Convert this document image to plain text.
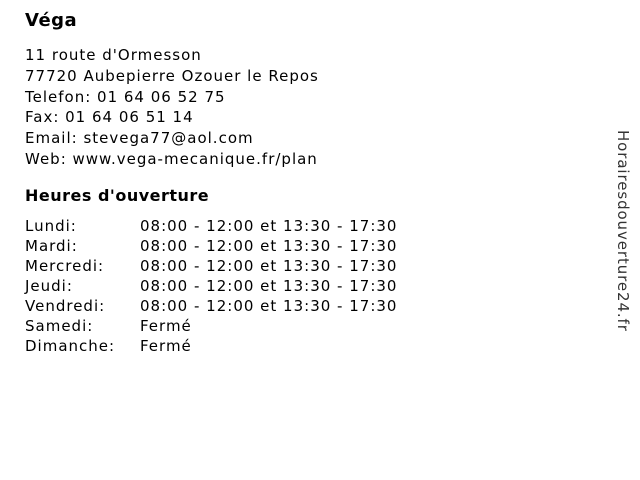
Véga
11 route d'Ormesson
77720 Aubepierre Ozouer le Repos
Telefon: 01 64 06 52 75
Fax: 01 64 06 51 14
Email: stevega77@aol.com
Web: www.vega-mecanique.fr/plan
Heures d'ouverture
Lundi:	08:00 - 12:00 et 13:30 - 17:30
Mardi:	08:00 - 12:00 et 13:30 - 17:30
Mercredi:	08:00 - 12:00 et 13:30 - 17:30
Jeudi:	08:00 - 12:00 et 13:30 - 17:30
Vendredi:	08:00 - 12:00 et 13:30 - 17:30
Samedi:	Fermé
Dimanche:	Fermé
Horairesdouverture24.fr
